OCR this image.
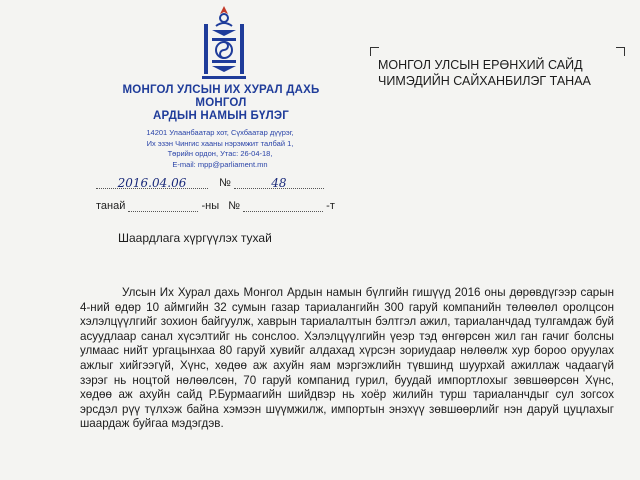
МОНГОЛ УЛСЫН ИХ ХУРАЛ ДАХЬ
МОНГОЛ
АРДЫН НАМЫН БҮЛЭГ
14201 Улаанбаатар хот, Сүхбаатар дүүрэг,
Их эзэн Чингис хааны нэрэмжит талбай 1,
Төрийн ордон, Утас: 26-04-18,
E-mail: mpp@parliament.mn
МОНГОЛ УЛСЫН ЕРӨНХИЙ САЙД
ЧИМЭДИЙН САЙХАНБИЛЭГ ТАНАА
2016.04.06	№	48
танай	-ны №	-т
Шаардлага хүргүүлэх тухай

Улсын Их Хурал дахь Монгол Ардын намын бүлгийн гишүүд 2016 оны дөрөвдүгээр сарын 4-ний өдөр 10 аймгийн 32 сумын газар тариалангийн 300 гаруй компанийн төлөөлөл оролцсон хэлэлцүүлгийг зохион байгуулж, хаврын тариалалтын бэлтгэл ажил, тариаланчдад тулгамдаж буй асуудлаар санал хүсэлтийг нь сонслоо. Хэлэлцүүлгийн үеэр тэд өнгөрсөн жил ган гачиг болсны улмаас нийт ургацынхаа 80 гаруй хувийг алдахад хүрсэн зориудаар нөлөөлж хур бороо оруулах ажлыг хийгээгүй, Хүнс, хөдөө аж ахуйн яам мэргэжлийн түвшинд шуурхай ажиллаж чадаагүй зэрэг нь ноцтой нөлөөлсөн, 70 гаруй компанид гурил, буудай импортлохыг зөвшөөрсөн Хүнс, хөдөө аж ахуйн сайд Р.Бурмаагийн шийдвэр нь хоёр жилийн турш тариаланчдыг сул зогсох эрсдэл рүү түлхэж байна хэмээн шүүмжилж, импортын энэхүү зөвшөөрлийг нэн даруй цуцлахыг шаардаж буйгаа мэдэгдэв.
